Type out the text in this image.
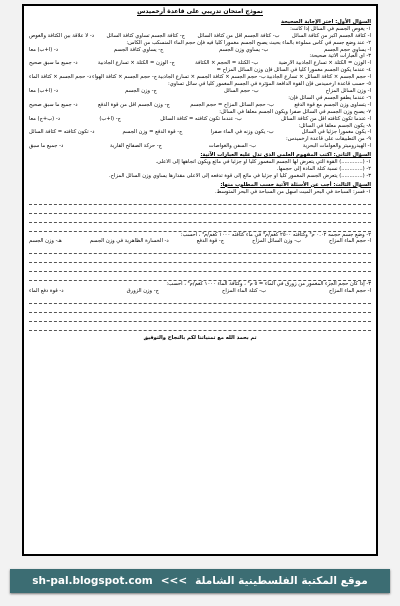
نموذج امتحان تدريبي على قاعدة أرخميدس
السؤال الأول: اختر الإجابة الصحيحة
١- يغوص الجسم في السائل إذا كانت:
أ- كثافة الجسم أكبر من كثافة السائل
ب- كثافة الجسم أقل من كثافة السائل
ج- كثافة الجسم تساوي كثافة السائل
د- لا علاقة بين الكثافة والغوص
٢- عند وضع جسم في كأس مملوءة بالماء بحيث يصبح الجسم مغموراً كلياً فيه فإن حجم الماء المنسكب من الكأس:
أ- يساوي حجم الجسم
ب- يساوي وزن الجسم
ج- يساوي كثافة الجسم
د- (أ+ب) معاً
٣- أي العبارات الآتية صحيحة:
أ- الوزن = الكتلة × تسارع الجاذبية الأرضية
ب- الكتلة = الحجم × الكثافة
ج- الوزن = الكتلة × تسارع الجاذبية
د- جميع ما سبق صحيح
٤- عندما يكون الجسم مغموراً كلياً في السائل فإن وزن السائل المزاح =
أ- حجم الجسم × كثافة السائل × تسارع الجاذبية
ب- حجم الجسم × كثافة الجسم × تسارع الجاذبية
ج- حجم الجسم × كثافة الهواء
د- حجم الجسم × كثافة الماء
٥- حسب قاعدة أرخميدس فإن القوة الدافعة المؤثرة في الجسم المغمور كلياً في سائل تساوي:
أ- وزن السائل المزاح
ب- حجم السائل
ج- وزن الجسم
د- (أ+ب) معاً
٦- عندما يطفو الجسم في السائل فإن:
أ- يتساوى وزن الجسم مع قوة الدفع
ب- حجم السائل المزاح = حجم الجسم
ج- وزن الجسم أقل من قوة الدفع
د- جميع ما سبق صحيح
٧- يصبح وزن الجسم في السائل صفراً ويكون الجسم معلقاً في السائل:
أ- عندما تكون كثافته أقل من كثافة السائل
ب- عندما تكون كثافته = كثافة السائل
ج- (أ+ب)
د- (ب+ج) معاً
٨- يكون الجسم معلقاً في السائل:
أ- يكون مغموراً جزئياً في السائل
ب- يكون وزنه في الماء صفراً
ج- قوة الدفع = وزن الجسم
د- تكون كثافته = كثافة السائل
٩- من التطبيقات على قاعدة أرخميدس:
أ- الهيدروميتر والعوامات البحرية
ب- السفن والغواصات
ج- حركة الصفائح القارية
د- جميع ما سبق
السؤال الثاني: اكتب المفهوم العلمي الذي تدل عليه العبارات الآتية:
١- (.............) القوة التي يتعرض لها الجسم المغمور كلياً أو جزئياً في مائع ويكون اتجاهها إلى الأعلى.
٢- (.............) نسبة كتلة المادة إلى حجمها.
٣- (.............) يتعرض الجسم المغمور كلياً أو جزئياً في مائع إلى قوة تدفعه إلى الأعلى مقدارها يساوي وزن السائل المزاح.
السؤال الثالث: أجب عن الأسئلة الآتية حسب المطلوب منها:
١- فسر: السباحة في البحر الميت أسهل من السباحة في البحر المتوسط.
٢- وضع جسم حجمه ٠.٠٢ م³ وكثافته ٢٥٠٠ كغم/م³ في ماء كثافته ١٠٠٠ كغم/م³ ، احسب:
أ- حجم الماء المزاح
ب- وزن السائل المزاح
ج- قوة الدفع
د- الخسارة الظاهرية في وزن الجسم
هـ- وزن الجسم
٣- إذا كان حجم الجزء المغمور من زورق في الماء = ٥ م³ ، وكثافة الماء ١٠٠٠ كغم/م³ ، احسب:
أ- حجم الماء المزاح
ب- كتلة الماء المزاح
ج- وزن الزورق
د- قوة دفع الماء
تم بحمد الله مع تمنياتنا لكم بالنجاح والتوفيق
sh-pal.blogspot.com <<< موقع المكتبة الفلسطينية الشاملة
